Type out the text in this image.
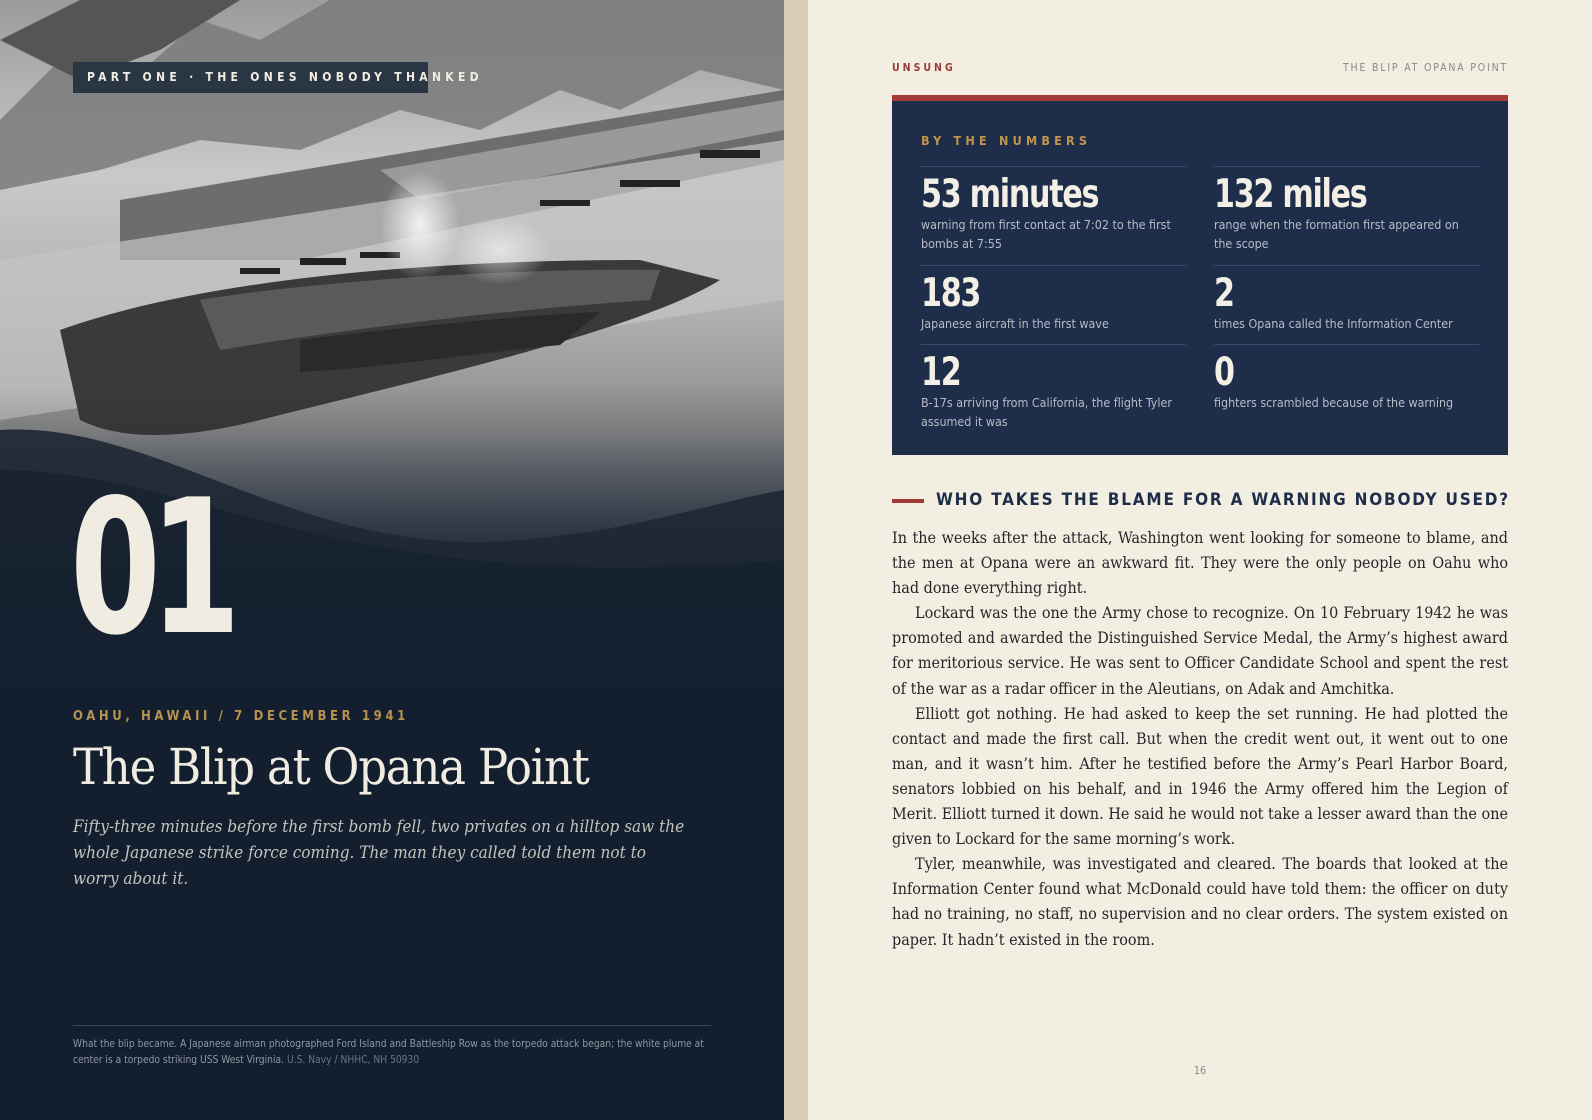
PART ONE · THE ONES NOBODY THANKED
01
OAHU, HAWAII / 7 DECEMBER 1941
The Blip at Opana Point
Fifty-three minutes before the first bomb fell, two privates on a hilltop saw the whole Japanese strike force coming. The man they called told them not to worry about it.
What the blip became. A Japanese airman photographed Ford Island and Battleship Row as the torpedo attack began; the white plume at center is a torpedo striking USS West Virginia. U.S. Navy / NHHC, NH 50930
UNSUNG	THE BLIP AT OPANA POINT
BY THE NUMBERS
53 minutes
warning from first contact at 7:02 to the first bombs at 7:55
132 miles
range when the formation first appeared on the scope
183
Japanese aircraft in the first wave
2
times Opana called the Information Center
12
B-17s arriving from California, the flight Tyler assumed it was
0
fighters scrambled because of the warning
WHO TAKES THE BLAME FOR A WARNING NOBODY USED?

In the weeks after the attack, Washington went looking for someone to blame, and the men at Opana were an awkward fit. They were the only people on Oahu who had done everything right.

Lockard was the one the Army chose to recognize. On 10 February 1942 he was promoted and awarded the Distinguished Service Medal, the Army’s highest award for meritorious service. He was sent to Officer Candidate School and spent the rest of the war as a radar officer in the Aleutians, on Adak and Amchitka.

Elliott got nothing. He had asked to keep the set running. He had plotted the contact and made the first call. But when the credit went out, it went out to one man, and it wasn’t him. After he testified before the Army’s Pearl Harbor Board, senators lobbied on his behalf, and in 1946 the Army offered him the Legion of Merit. Elliott turned it down. He said he would not take a lesser award than the one given to Lockard for the same morning’s work.

Tyler, meanwhile, was investigated and cleared. The boards that looked at the Information Center found what McDonald could have told them: the officer on duty had no training, no staff, no supervision and no clear orders. The system existed on paper. It hadn’t existed in the room.

16
